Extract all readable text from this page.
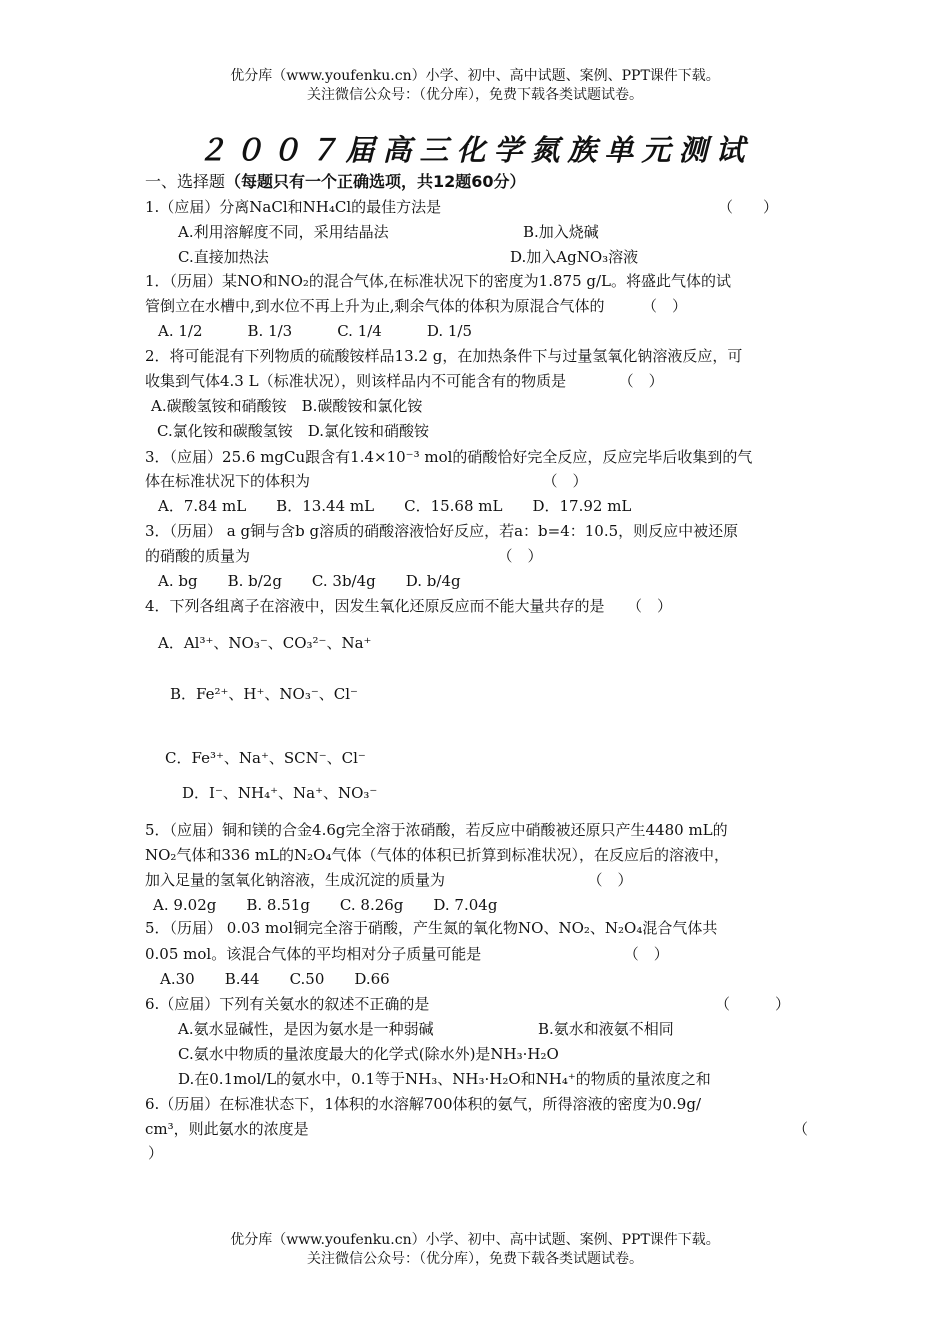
优分库（www.youfenku.cn）小学、初中、高中试题、案例、PPT课件下载。
关注微信公众号：（优分库），免费下载各类试题试卷。
２００７届高三化学氮族单元测试
一、选择题（每题只有一个正确选项，共12题60分）
1.（应届）分离NaCl和NH₄Cl的最佳方法是	（　　）
A.利用溶解度不同，采用结晶法	B.加入烧碱
C.直接加热法	D.加入AgNO₃溶液
1．（历届）某NO和NO₂的混合气体,在标准状况下的密度为1.875 g/L。将盛此气体的试
管倒立在水槽中,到水位不再上升为止,剩余气体的体积为原混合气体的　　　（　）
A. 1/2　　　B. 1/3　　　C. 1/4　　　D. 1/5
2．将可能混有下列物质的硫酸铵样品13.2 g，在加热条件下与过量氢氧化钠溶液反应，可
收集到气体4.3 L（标准状况），则该样品内不可能含有的物质是　　　　（　）
A.碳酸氢铵和硝酸铵　B.碳酸铵和氯化铵
C.氯化铵和碳酸氢铵　D.氯化铵和硝酸铵
3．（应届）25.6 mgCu跟含有1.4×10⁻³ mol的硝酸恰好完全反应，反应完毕后收集到的气
体在标准状况下的体积为　　　　　　　　　　　　　　　　（　）
A．7.84 mL　　B．13.44 mL　　C．15.68 mL　　D．17.92 mL
3．（历届） a g铜与含b g溶质的硝酸溶液恰好反应，若a：b=4：10.5，则反应中被还原
的硝酸的质量为　　　　　　　　　　　　　　　　　（　）
A. bg　　B. b/2g　　C. 3b/4g　　D. b/4g
4．下列各组离子在溶液中，因发生氧化还原反应而不能大量共存的是　　（　）
A．Al³⁺、NO₃⁻、CO₃²⁻、Na⁺
B．Fe²⁺、H⁺、NO₃⁻、Cl⁻
C．Fe³⁺、Na⁺、SCN⁻、Cl⁻
D．I⁻、NH₄⁺、Na⁺、NO₃⁻
5．（应届）铜和镁的合金4.6g完全溶于浓硝酸，若反应中硝酸被还原只产生4480 mL的
NO₂气体和336 mL的N₂O₄气体（气体的体积已折算到标准状况），在反应后的溶液中，
加入足量的氢氧化钠溶液，生成沉淀的质量为　　　　　　　　　　（　）
A. 9.02g　　B. 8.51g　　C. 8.26g　　D. 7.04g
5．（历届） 0.03 mol铜完全溶于硝酸，产生氮的氧化物NO、NO₂、N₂O₄混合气体共
0.05 mol。该混合气体的平均相对分子质量可能是　　　　　　　　　　（　）
A.30　　B.44　　C.50　　D.66
6.（应届）下列有关氨水的叙述不正确的是	（　　　）
A.氨水显碱性，是因为氨水是一种弱碱	B.氨水和液氨不相同
C.氨水中物质的量浓度最大的化学式(除水外)是NH₃·H₂O
D.在0.1mol/L的氨水中，0.1等于NH₃、NH₃·H₂O和NH₄⁺的物质的量浓度之和
6.（历届）在标准状态下，1体积的水溶解700体积的氨气，所得溶液的密度为0.9g/
cm³，则此氨水的浓度是	（
）
优分库（www.youfenku.cn）小学、初中、高中试题、案例、PPT课件下载。
关注微信公众号：（优分库），免费下载各类试题试卷。
